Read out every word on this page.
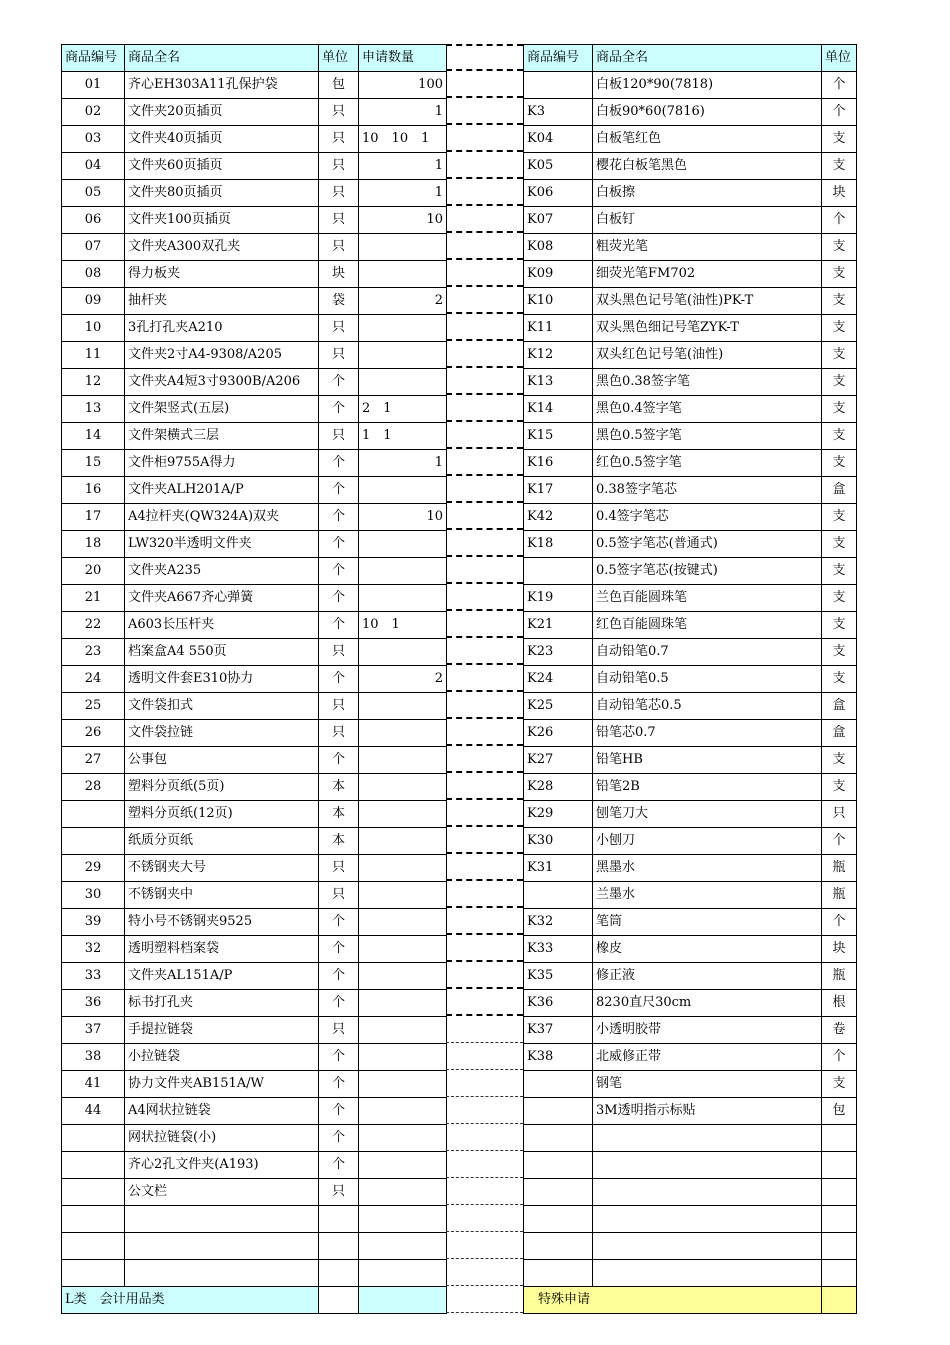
商品编号	商品全名	单位	申请数量
01	齐心EH303A11孔保护袋	包	100
02	文件夹20页插页	只	1
03	文件夹40页插页	只	10　10　1
04	文件夹60页插页	只	1
05	文件夹80页插页	只	1
06	文件夹100页插页	只	10
07	文件夹A300双孔夹	只	
08	得力板夹	块	
09	抽杆夹	袋	2
10	3孔打孔夹A210	只	
11	文件夹2寸A4-9308/A205	只	
12	文件夹A4短3寸9300B/A206	个	
13	文件架竖式(五层)	个	2　1
14	文件架横式三层	只	1　1
15	文件柜9755A得力	个	1
16	文件夹ALH201A/P	个	
17	A4拉杆夹(QW324A)双夹	个	10
18	LW320半透明文件夹	个	
20	文件夹A235	个	
21	文件夹A667齐心弹簧	个	
22	A603长压杆夹	个	10　1
23	档案盒A4 550页	只	
24	透明文件套E310协力	个	2
25	文件袋扣式	只	
26	文件袋拉链	只	
27	公事包	个	
28	塑料分页纸(5页)	本	
	塑料分页纸(12页)	本	
	纸质分页纸	本	
29	不锈钢夹大号	只	
30	不锈钢夹中	只	
39	特小号不锈钢夹9525	个	
32	透明塑料档案袋	个	
33	文件夹AL151A/P	个	
36	标书打孔夹	个	
37	手提拉链袋	只	
38	小拉链袋	个	
41	协力文件夹AB151A/W	个	
44	A4网状拉链袋	个	
	网状拉链袋(小)	个	
	齐心2孔文件夹(A193)	个	
	公文栏	只	

L类　会计用品类			
商品编号	商品全名	单位
	白板120*90(7818)	个
K3	白板90*60(7816)	个
K04	白板笔红色	支
K05	樱花白板笔黑色	支
K06	白板擦	块
K07	白板钉	个
K08	粗荧光笔	支
K09	细荧光笔FM702	支
K10	双头黑色记号笔(油性)PK-T	支
K11	双头黑色细记号笔ZYK-T	支
K12	双头红色记号笔(油性)	支
K13	黑色0.38签字笔	支
K14	黑色0.4签字笔	支
K15	黑色0.5签字笔	支
K16	红色0.5签字笔	支
K17	0.38签字笔芯	盒
K42	0.4签字笔芯	支
K18	0.5签字笔芯(普通式)	支
	0.5签字笔芯(按键式)	支
K19	兰色百能圆珠笔	支
K21	红色百能圆珠笔	支
K23	自动铅笔0.7	支
K24	自动铅笔0.5	支
K25	自动铅笔芯0.5	盒
K26	铅笔芯0.7	盒
K27	铅笔HB	支
K28	铅笔2B	支
K29	刨笔刀大	只
K30	小刨刀	个
K31	黑墨水	瓶
	兰墨水	瓶
K32	笔筒	个
K33	橡皮	块
K35	修正液	瓶
K36	8230直尺30cm	根
K37	小透明胶带	卷
K38	北威修正带	个
	钢笔	支
	3M透明指示标贴	包

特殊申请		
